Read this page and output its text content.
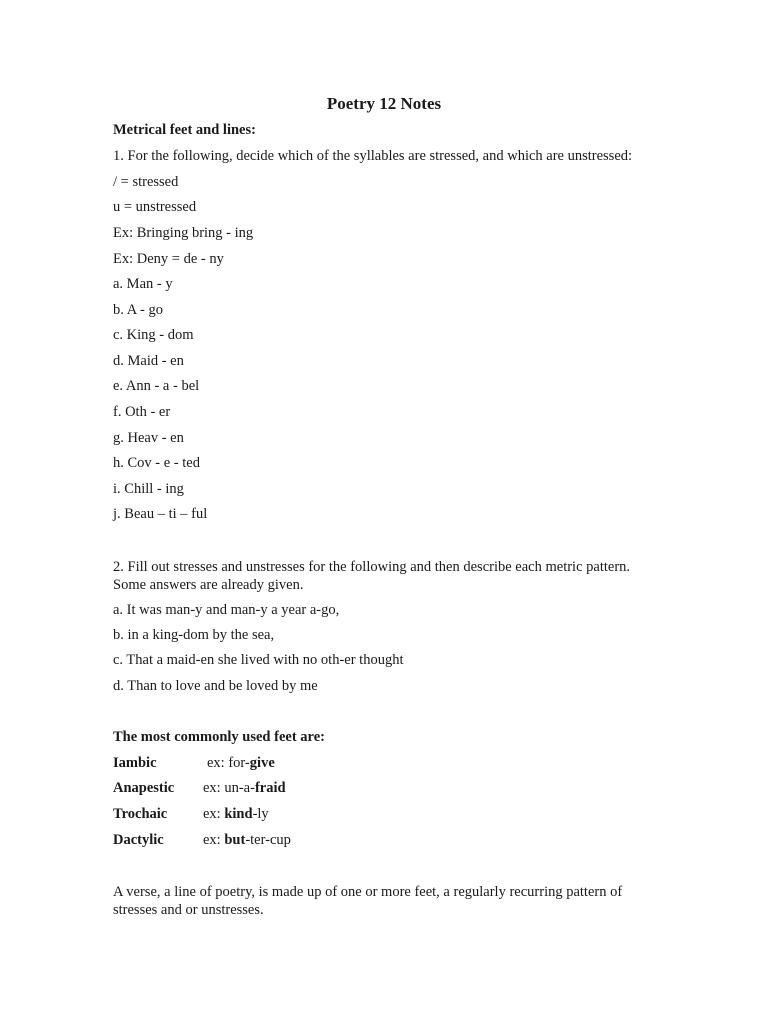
Poetry 12 Notes
Metrical feet and lines:
1. For the following, decide which of the syllables are stressed, and which are unstressed:
/ = stressed
u = unstressed
Ex: Bringing bring - ing
Ex: Deny = de - ny
a. Man - y
b. A - go
c. King - dom
d. Maid - en
e. Ann - a - bel
f. Oth - er
g. Heav - en
h. Cov - e - ted
i. Chill - ing
j. Beau – ti – ful
2. Fill out stresses and unstresses for the following and then describe each metric pattern. Some answers are already given.
a. It was man-y and man-y a year a-go,
b. in a king-dom by the sea,
c. That a maid-en she lived with no oth-er thought
d. Than to love and be loved by me
The most commonly used feet are:
Iambic	ex: for-give
Anapestic ex: un-a-fraid
Trochaic ex: kind-ly
Dactylic	ex: but-ter-cup
A verse, a line of poetry, is made up of one or more feet, a regularly recurring pattern of stresses and or unstresses.
